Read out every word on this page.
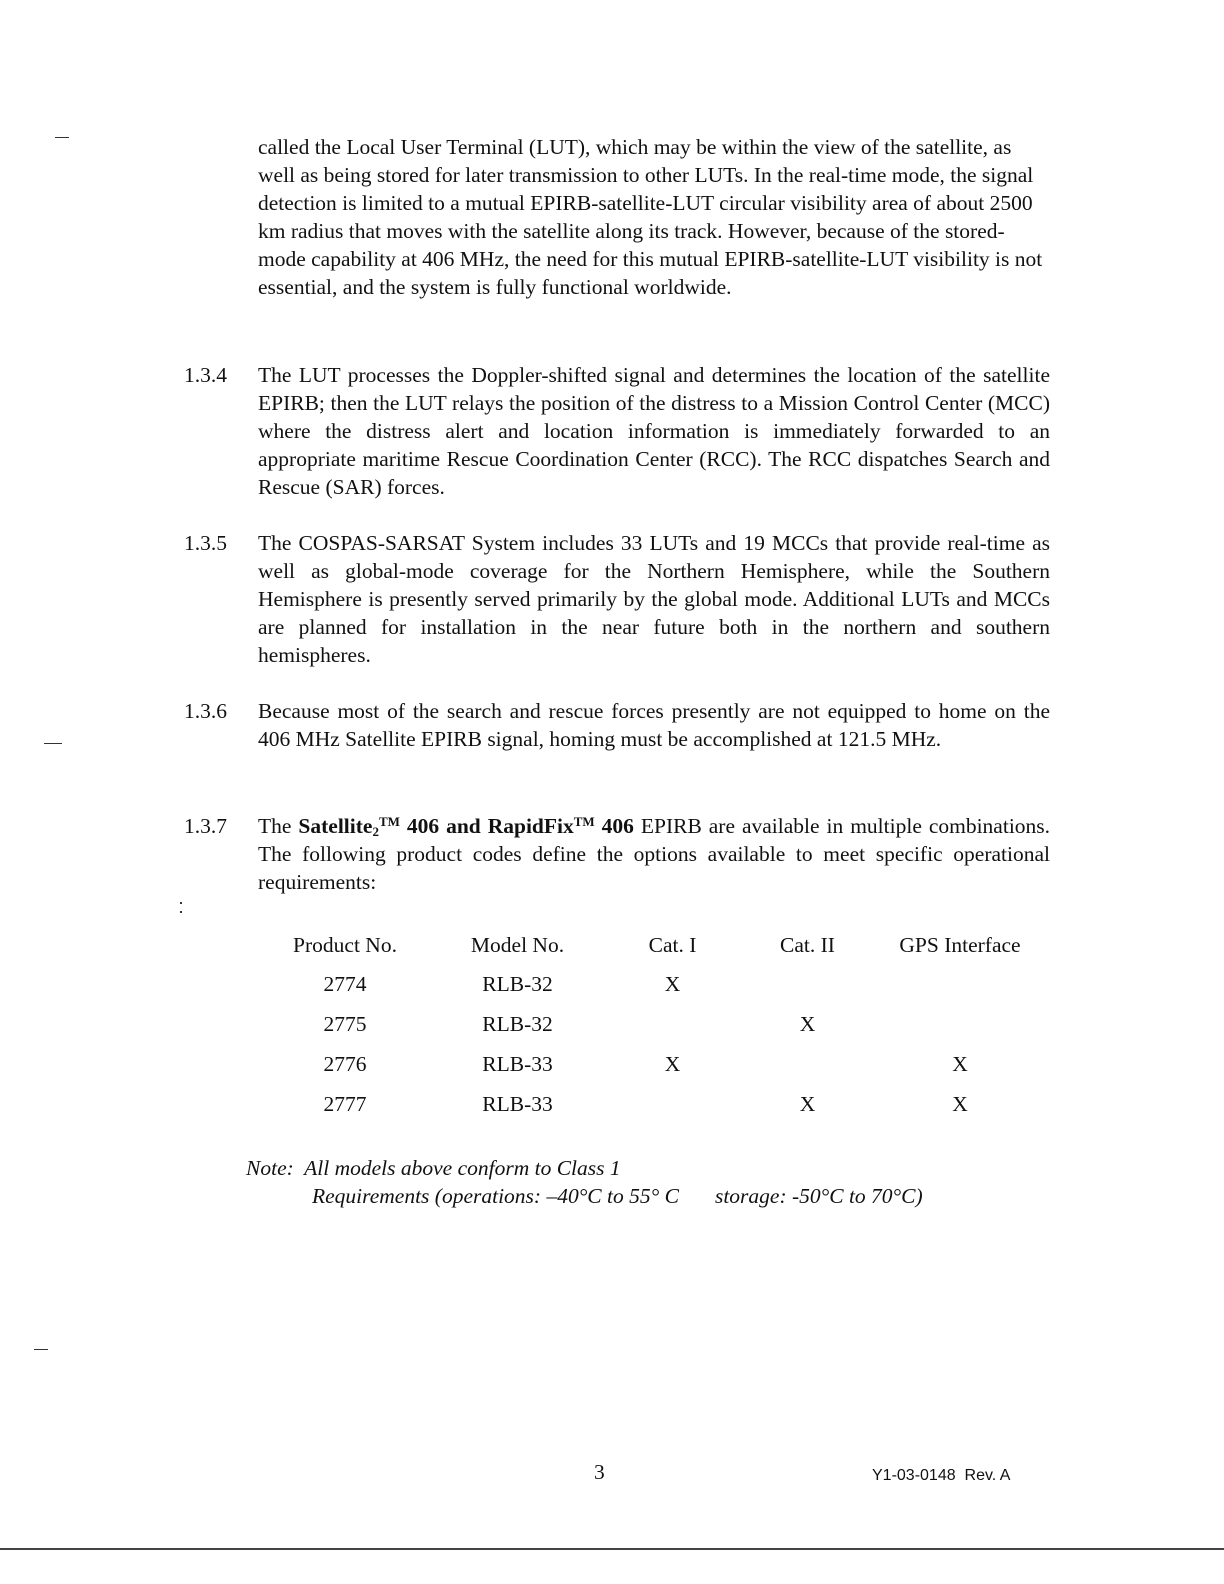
called the Local User Terminal (LUT), which may be within the view of the satellite, as well as being stored for later transmission to other LUTs. In the real-time mode, the signal detection is limited to a mutual EPIRB-satellite-LUT circular visibility area of about 2500 km radius that moves with the satellite along its track. However, because of the stored-mode capability at 406 MHz, the need for this mutual EPIRB-satellite-LUT visibility is not essential, and the system is fully functional worldwide.

1.3.4	The LUT processes the Doppler-shifted signal and determines the location of the satellite EPIRB; then the LUT relays the position of the distress to a Mission Control Center (MCC) where the distress alert and location information is immediately forwarded to an appropriate maritime Rescue Coordination Center (RCC). The RCC dispatches Search and Rescue (SAR) forces.
1.3.5	The COSPAS-SARSAT System includes 33 LUTs and 19 MCCs that provide real-time as well as global-mode coverage for the Northern Hemisphere, while the Southern Hemisphere is presently served primarily by the global mode. Additional LUTs and MCCs are planned for installation in the near future both in the northern and southern hemispheres.
1.3.6	Because most of the search and rescue forces presently are not equipped to home on the 406 MHz Satellite EPIRB signal, homing must be accomplished at 121.5 MHz.
1.3.7	The Satellite$_2$™ 406 and RapidFix™ 406 EPIRB are available in multiple combinations. The following product codes define the options available to meet specific operational requirements:
Product No.	Model No.	Cat. I	Cat. II	GPS Interface
2774	RLB-32	X		
2775	RLB-32		X	
2776	RLB-33	X		X
2777	RLB-33		X	X
Note:  All models above conform to Class 1
Requirements (operations: –40°C to 55° C storage: -50°C to 70°C)
3	Y1-03-0148  Rev. A
